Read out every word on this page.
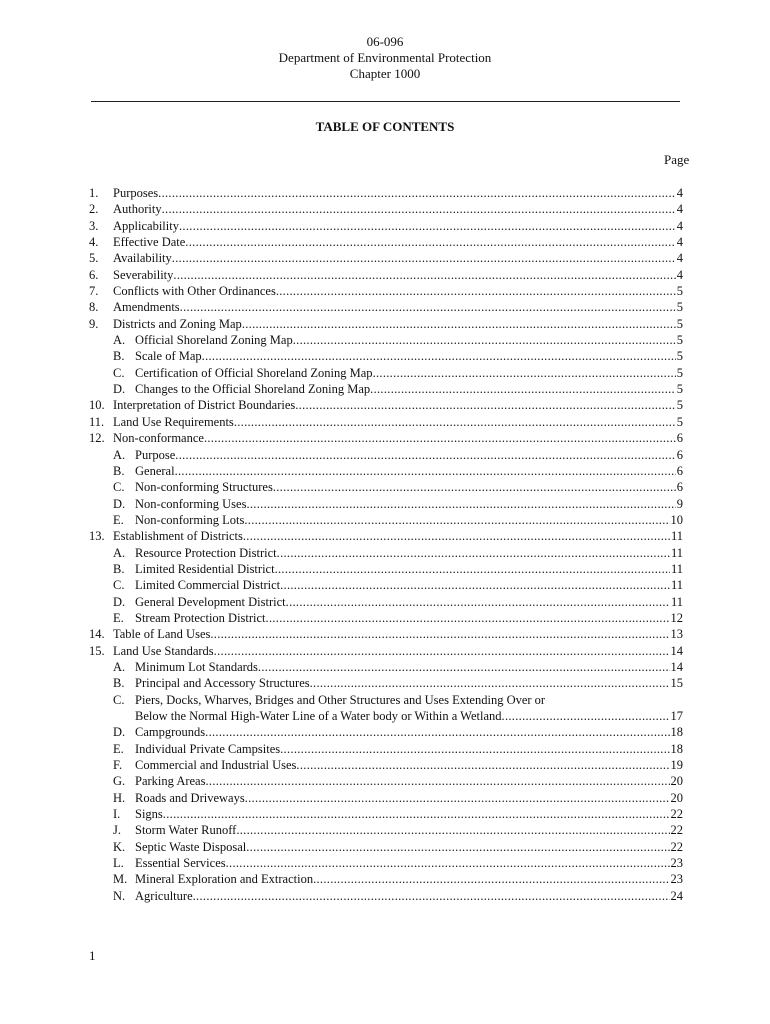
06-096
Department of Environmental Protection
Chapter 1000
TABLE OF CONTENTS
Page
1.	Purposes .....	4
2.	Authority .....	4
3.	Applicability .....	4
4.	Effective Date .....	4
5.	Availability .....	4
6.	Severability .....	4
7.	Conflicts with Other Ordinances .....	5
8.	Amendments .....	5
9.	Districts and Zoning Map .....	5
A. Official Shoreland Zoning Map .....	5
B. Scale of Map .....	5
C. Certification of Official Shoreland Zoning Map .....	5
D. Changes to the Official Shoreland Zoning Map .....	5
10. Interpretation of District Boundaries .....	5
11. Land Use Requirements .....	5
12. Non-conformance .....	6
A. Purpose .....	6
B. General .....	6
C. Non-conforming Structures .....	6
D. Non-conforming Uses .....	9
E. Non-conforming Lots .....	10
13. Establishment of Districts .....	11
A. Resource Protection District .....	11
B. Limited Residential District .....	11
C. Limited Commercial District .....	11
D. General Development District .....	11
E. Stream Protection District .....	12
14. Table of Land Uses .....	13
15. Land Use Standards .....	14
A. Minimum Lot Standards .....	14
B. Principal and Accessory Structures .....	15
C. Piers, Docks, Wharves, Bridges and Other Structures and Uses Extending Over or
Below the Normal High-Water Line of a Water body or Within a Wetland .....	17
D. Campgrounds .....	18
E. Individual Private Campsites .....	18
F.	Commercial and Industrial Uses .....	19
G. Parking Areas .....	20
H. Roads and Driveways .....	20
I.	Signs .....	22
J.	Storm Water Runoff .....	22
K. Septic Waste Disposal .....	22
L. Essential Services .....	23
M. Mineral Exploration and Extraction .....	23
N. Agriculture .....	24
1
